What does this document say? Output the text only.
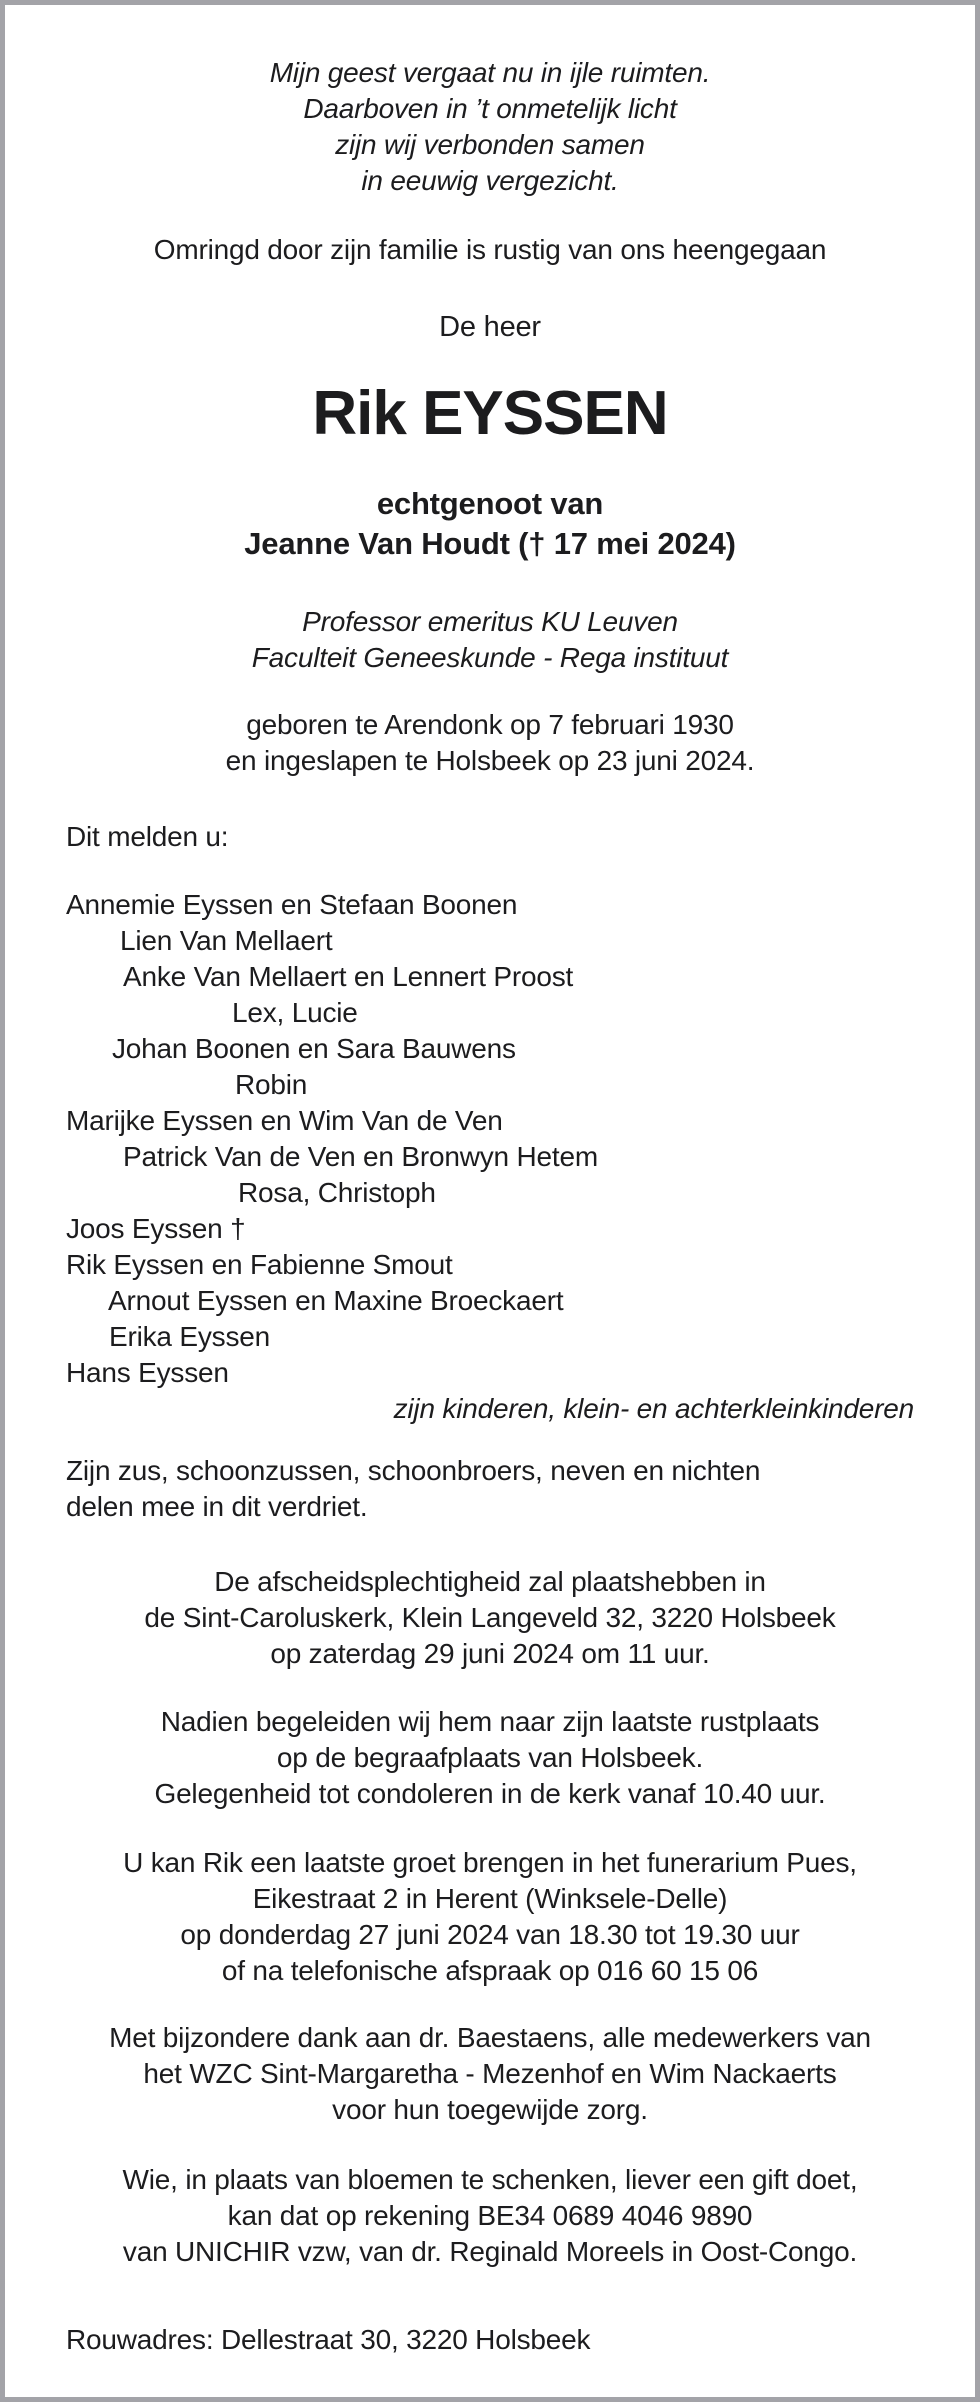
Mijn geest vergaat nu in ijle ruimten.
Daarboven in ’t onmetelijk licht
zijn wij verbonden samen
in eeuwig vergezicht.

Omringd door zijn familie is rustig van ons heengegaan

De heer

Rik EYSSEN
echtgenoot van
Jeanne Van Houdt († 17 mei 2024)
Professor emeritus KU Leuven
Faculteit Geneeskunde - Rega instituut
geboren te Arendonk op 7 februari 1930
en ingeslapen te Holsbeek op 23 juni 2024.

Dit melden u:

Annemie Eyssen en Stefaan Boonen
Lien Van Mellaert
Anke Van Mellaert en Lennert Proost
Lex, Lucie
Johan Boonen en Sara Bauwens
Robin
Marijke Eyssen en Wim Van de Ven
Patrick Van de Ven en Bronwyn Hetem
Rosa, Christoph
Joos Eyssen †
Rik Eyssen en Fabienne Smout
Arnout Eyssen en Maxine Broeckaert
Erika Eyssen
Hans Eyssen
zijn kinderen, klein- en achterkleinkinderen
Zijn zus, schoonzussen, schoonbroers, neven en nichten
delen mee in dit verdriet.
De afscheidsplechtigheid zal plaatshebben in
de Sint-Caroluskerk, Klein Langeveld 32, 3220 Holsbeek
op zaterdag 29 juni 2024 om 11 uur.
Nadien begeleiden wij hem naar zijn laatste rustplaats
op de begraafplaats van Holsbeek.
Gelegenheid tot condoleren in de kerk vanaf 10.40 uur.
U kan Rik een laatste groet brengen in het funerarium Pues,
Eikestraat 2 in Herent (Winksele-Delle)
op donderdag 27 juni 2024 van 18.30 tot 19.30 uur
of na telefonische afspraak op 016 60 15 06
Met bijzondere dank aan dr. Baestaens, alle medewerkers van
het WZC Sint-Margaretha - Mezenhof en Wim Nackaerts
voor hun toegewijde zorg.
Wie, in plaats van bloemen te schenken, liever een gift doet,
kan dat op rekening BE34 0689 4046 9890
van UNICHIR vzw, van dr. Reginald Moreels in Oost-Congo.

Rouwadres: Dellestraat 30, 3220 Holsbeek
